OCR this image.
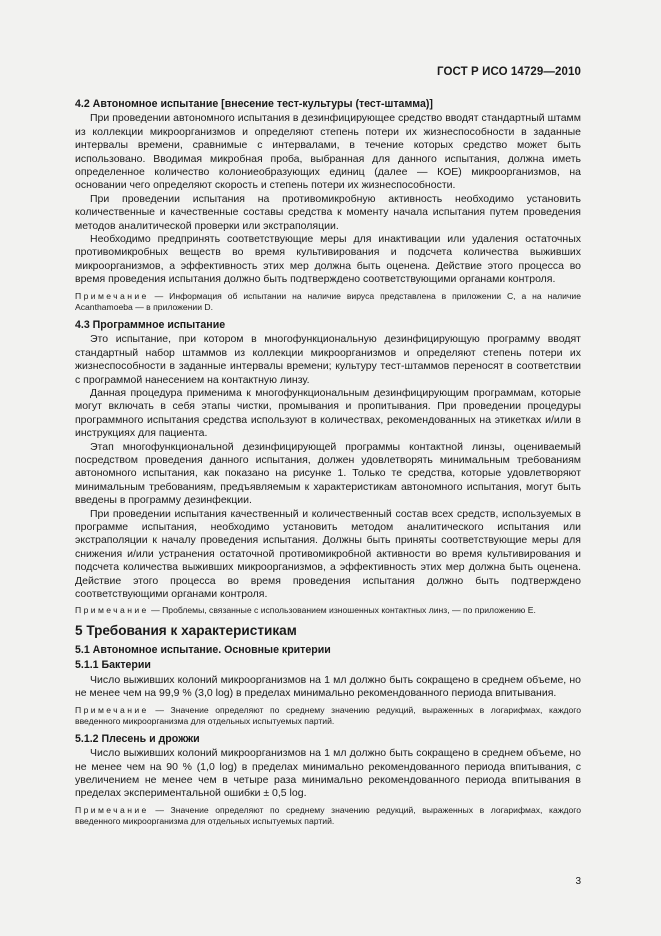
ГОСТ Р ИСО 14729—2010
4.2 Автономное испытание [внесение тест-культуры (тест-штамма)]

При проведении автономного испытания в дезинфицирующее средство вводят стандартный штамм из коллекции микроорганизмов и определяют степень потери их жизнеспособности в заданные интервалы времени, сравнимые с интервалами, в течение которых средство может быть использовано. Вводимая микробная проба, выбранная для данного испытания, должна иметь определенное количество колониеобразующих единиц (далее — КОЕ) микроорганизмов, на основании чего определяют скорость и степень потери их жизнеспособности.

При проведении испытания на противомикробную активность необходимо установить количественные и качественные составы средства к моменту начала испытания путем проведения методов аналитической проверки или экстраполяции.

Необходимо предпринять соответствующие меры для инактивации или удаления остаточных противомикробных веществ во время культивирования и подсчета количества выживших микроорганизмов, а эффективность этих мер должна быть оценена. Действие этого процесса во время проведения испытания должно быть подтверждено соответствующими органами контроля.

Примечание — Информация об испытании на наличие вируса представлена в приложении С, а на наличие Acanthamoeba — в приложении D.

4.3 Программное испытание

Это испытание, при котором в многофункциональную дезинфицирующую программу вводят стандартный набор штаммов из коллекции микроорганизмов и определяют степень потери их жизнеспособности в заданные интервалы времени; культуру тест-штаммов переносят в соответствии с программой нанесением на контактную линзу.

Данная процедура применима к многофункциональным дезинфицирующим программам, которые могут включать в себя этапы чистки, промывания и пропитывания. При проведении процедуры программного испытания средства используют в количествах, рекомендованных на этикетках и/или в инструкциях для пациента.

Этап многофункциональной дезинфицирующей программы контактной линзы, оцениваемый посредством проведения данного испытания, должен удовлетворять минимальным требованиям автономного испытания, как показано на рисунке 1. Только те средства, которые удовлетворяют минимальным требованиям, предъявляемым к характеристикам автономного испытания, могут быть введены в программу дезинфекции.

При проведении испытания качественный и количественный состав всех средств, используемых в программе испытания, необходимо установить методом аналитического испытания или экстраполяции к началу проведения испытания. Должны быть приняты соответствующие меры для снижения и/или устранения остаточной противомикробной активности во время культивирования и подсчета количества выживших микроорганизмов, а эффективность этих мер должна быть оценена. Действие этого процесса во время проведения испытания должно быть подтверждено соответствующими органами контроля.

Примечание — Проблемы, связанные с использованием изношенных контактных линз, — по приложению Е.

5 Требования к характеристикам
5.1 Автономное испытание. Основные критерии
5.1.1 Бактерии

Число выживших колоний микроорганизмов на 1 мл должно быть сокращено в среднем объеме, но не менее чем на 99,9 % (3,0 log) в пределах минимально рекомендованного периода впитывания.

Примечание — Значение определяют по среднему значению редукций, выраженных в логарифмах, каждого введенного микроорганизма для отдельных испытуемых партий.

5.1.2 Плесень и дрожжи

Число выживших колоний микроорганизмов на 1 мл должно быть сокращено в среднем объеме, но не менее чем на 90 % (1,0 log) в пределах минимально рекомендованного периода впитывания, с увеличением не менее чем в четыре раза минимально рекомендованного периода впитывания в пределах экспериментальной ошибки ± 0,5 log.

Примечание — Значение определяют по среднему значению редукций, выраженных в логарифмах, каждого введенного микроорганизма для отдельных испытуемых партий.

3
